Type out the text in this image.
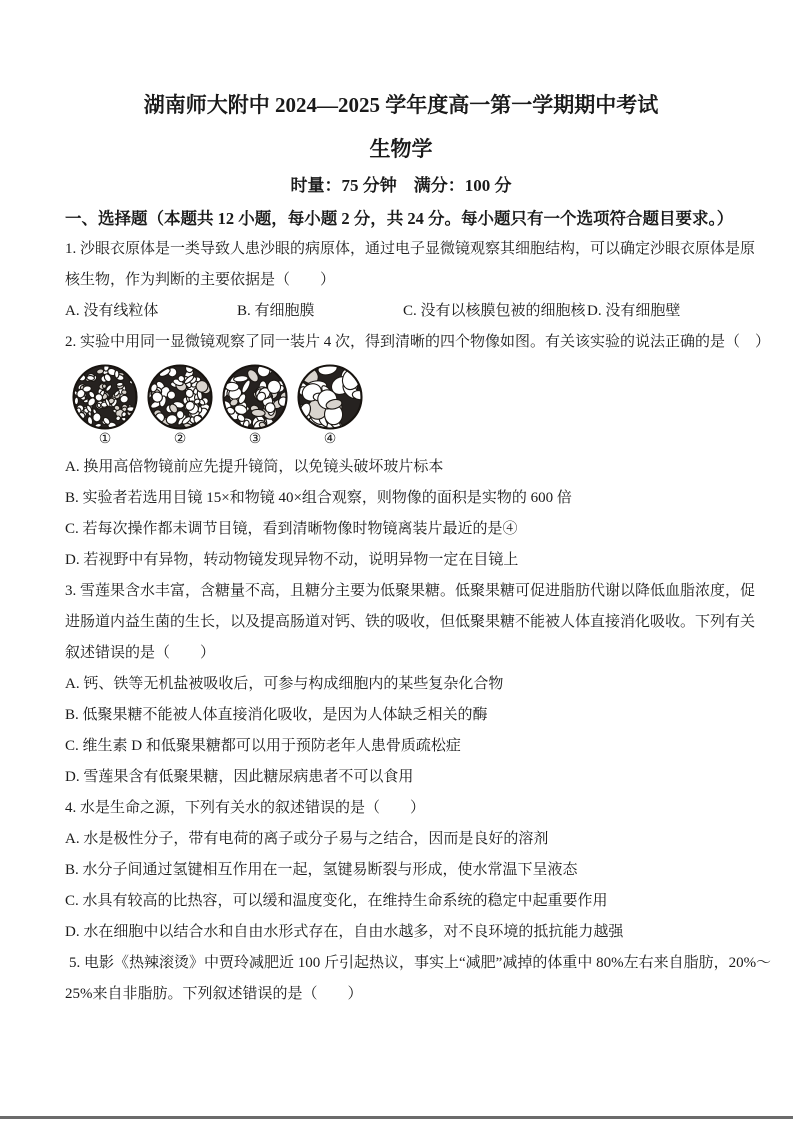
湖南师大附中 2024—2025 学年度高一第一学期期中考试
生物学
时量：75 分钟　满分：100 分
一、选择题（本题共 12 小题，每小题 2 分，共 24 分。每小题只有一个选项符合题目要求。）
1. 沙眼衣原体是一类导致人患沙眼的病原体，通过电子显微镜观察其细胞结构，可以确定沙眼衣原体是原
核生物，作为判断的主要依据是（　　）
A. 没有线粒体	B. 有细胞膜	C. 没有以核膜包被的细胞核 D. 没有细胞壁
2. 实验中用同一显微镜观察了同一装片 4 次，得到清晰的四个物像如图。有关该实验的说法正确的是（　）
①	②	③	④
A. 换用高倍物镜前应先提升镜筒，以免镜头破坏玻片标本
B. 实验者若选用目镜 15×和物镜 40×组合观察，则物像的面积是实物的 600 倍
C. 若每次操作都未调节目镜，看到清晰物像时物镜离装片最近的是④
D. 若视野中有异物，转动物镜发现异物不动，说明异物一定在目镜上
3. 雪莲果含水丰富，含糖量不高，且糖分主要为低聚果糖。低聚果糖可促进脂肪代谢以降低血脂浓度，促
进肠道内益生菌的生长，以及提高肠道对钙、铁的吸收，但低聚果糖不能被人体直接消化吸收。下列有关
叙述错误的是（　　）
A. 钙、铁等无机盐被吸收后，可参与构成细胞内的某些复杂化合物
B. 低聚果糖不能被人体直接消化吸收，是因为人体缺乏相关的酶
C. 维生素 D 和低聚果糖都可以用于预防老年人患骨质疏松症
D. 雪莲果含有低聚果糖，因此糖尿病患者不可以食用
4. 水是生命之源，下列有关水的叙述错误的是（　　）
A. 水是极性分子，带有电荷的离子或分子易与之结合，因而是良好的溶剂
B. 水分子间通过氢键相互作用在一起，氢键易断裂与形成，使水常温下呈液态
C. 水具有较高的比热容，可以缓和温度变化，在维持生命系统的稳定中起重要作用
D. 水在细胞中以结合水和自由水形式存在，自由水越多，对不良环境的抵抗能力越强
5. 电影《热辣滚烫》中贾玲减肥近 100 斤引起热议，事实上“减肥”减掉的体重中 80%左右来自脂肪，20%～
25%来自非脂肪。下列叙述错误的是（　　）
